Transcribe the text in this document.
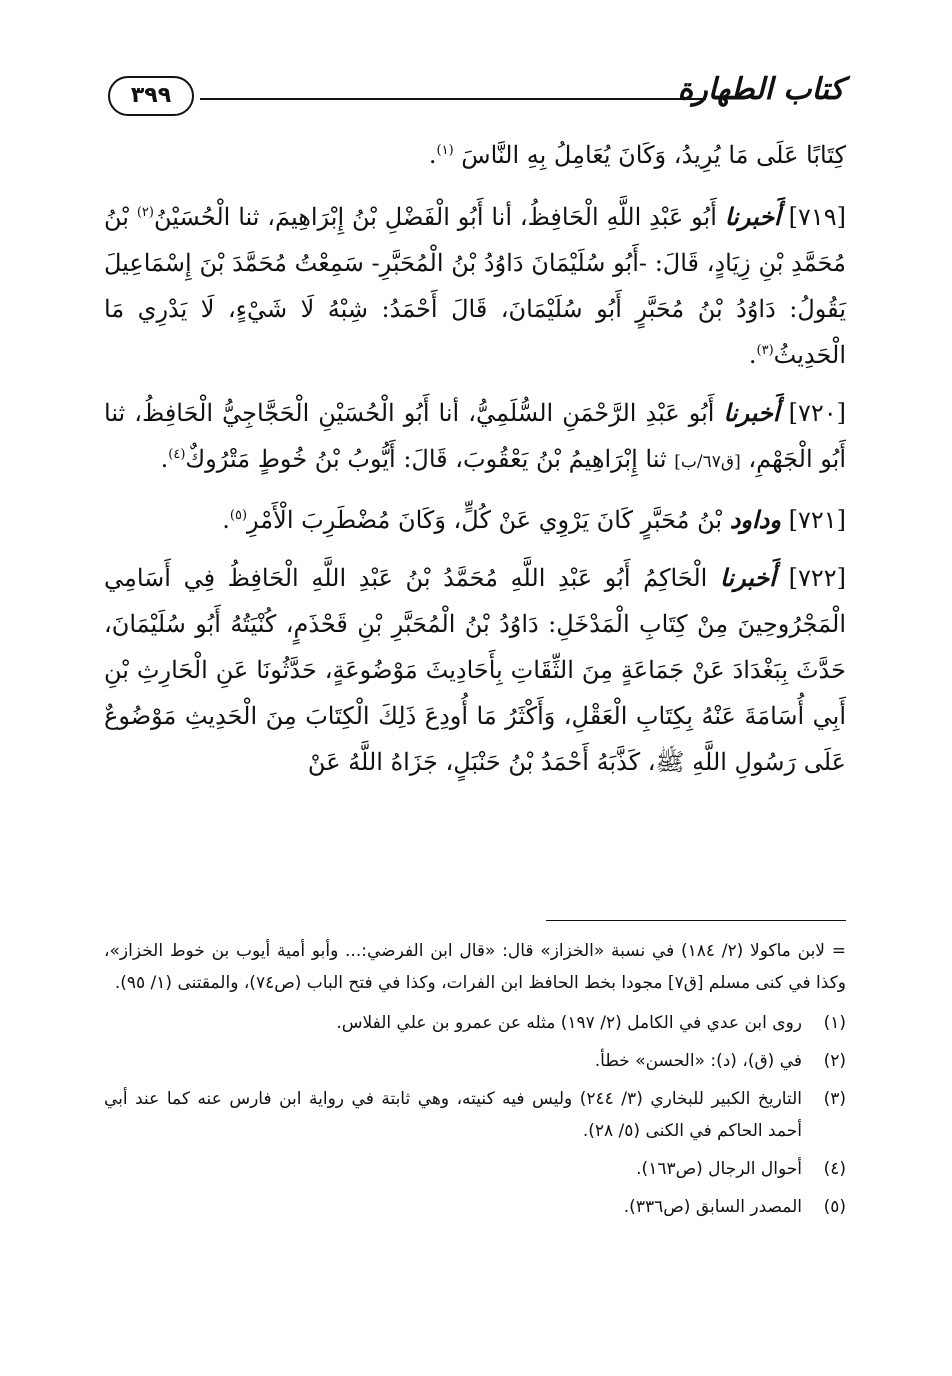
كتاب الطهارة
٣٩٩

كِتَابًا عَلَى مَا يُرِيدُ، وَكَانَ يُعَامِلُ بِهِ النَّاسَ $^{(١)}$.

[٧١٩] أَخبرنا أَبُو عَبْدِ اللَّهِ الْحَافِظُ، أنا أَبُو الْفَضْلِ بْنُ إِبْرَاهِيمَ، ثنا الْحُسَيْنُ$^{(٢)}$ بْنُ مُحَمَّدِ بْنِ زِيَادٍ، قَالَ: -أَبُو سُلَيْمَانَ دَاوُدُ بْنُ الْمُحَبَّرِ- سَمِعْتُ مُحَمَّدَ بْنَ إِسْمَاعِيلَ يَقُولُ: دَاوُدُ بْنُ مُحَبَّرٍ أَبُو سُلَيْمَانَ، قَالَ أَحْمَدُ: شِبْهُ لَا شَيْءٍ، لَا يَدْرِي مَا الْحَدِيثُ$^{(٣)}$.

[٧٢٠] أَخبرنا أَبُو عَبْدِ الرَّحْمَنِ السُّلَمِيُّ، أنا أَبُو الْحُسَيْنِ الْحَجَّاجِيُّ الْحَافِظُ، ثنا أَبُو الْجَهْمِ، [ق٦٧/ب] ثنا إِبْرَاهِيمُ بْنُ يَعْقُوبَ، قَالَ: أَيُّوبُ بْنُ خُوطٍ مَتْرُوكٌ$^{(٤)}$.

[٧٢١] وداود بْنُ مُحَبَّرٍ كَانَ يَرْوِي عَنْ كُلٍّ، وَكَانَ مُضْطَرِبَ الْأَمْرِ$^{(٥)}$.

[٧٢٢] أَخبرنا الْحَاكِمُ أَبُو عَبْدِ اللَّهِ مُحَمَّدُ بْنُ عَبْدِ اللَّهِ الْحَافِظُ فِي أَسَامِي الْمَجْرُوحِينَ مِنْ كِتَابِ الْمَدْخَلِ: دَاوُدُ بْنُ الْمُحَبَّرِ بْنِ قَحْذَمٍ، كُنْيَتُهُ أَبُو سُلَيْمَانَ، حَدَّثَ بِبَغْدَادَ عَنْ جَمَاعَةٍ مِنَ الثِّقَاتِ بِأَحَادِيثَ مَوْضُوعَةٍ، حَدَّثُونَا عَنِ الْحَارِثِ بْنِ أَبِي أُسَامَةَ عَنْهُ بِكِتَابِ الْعَقْلِ، وَأَكْثَرُ مَا أُودِعَ ذَلِكَ الْكِتَابَ مِنَ الْحَدِيثِ مَوْضُوعٌ عَلَى رَسُولِ اللَّهِ ﷺ، كَذَّبَهُ أَحْمَدُ بْنُ حَنْبَلٍ، جَزَاهُ اللَّهُ عَنْ

= لابن ماكولا (٢/ ١٨٤) في نسبة «الخزاز» قال: «قال ابن الفرضي:... وأبو أمية أيوب بن خوط الخزاز»، وكذا في كنى مسلم [ق٧] مجودا بخط الحافظ ابن الفرات، وكذا في فتح الباب (ص٧٤)، والمقتنى (١/ ٩٥).

(١)
روى ابن عدي في الكامل (٢/ ١٩٧) مثله عن عمرو بن علي الفلاس.
(٢)
في (ق)، (د): «الحسن» خطأ.
(٣)
التاريخ الكبير للبخاري (٣/ ٢٤٤) وليس فيه كنيته، وهي ثابتة في رواية ابن فارس عنه كما عند أبي أحمد الحاكم في الكنى (٥/ ٢٨).
(٤)
أحوال الرجال (ص١٦٣).
(٥)
المصدر السابق (ص٣٣٦).
